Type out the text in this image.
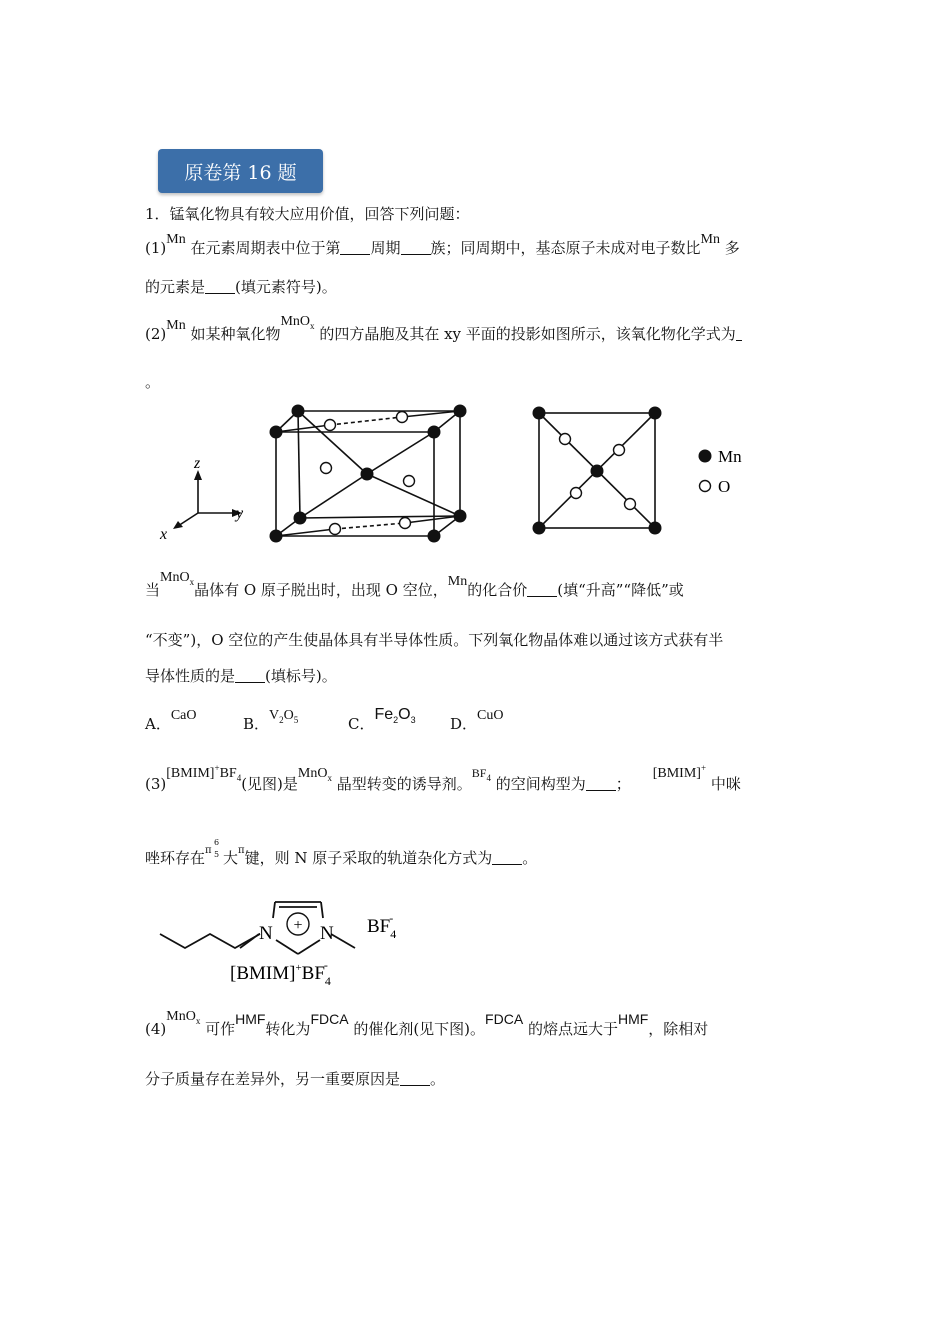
原卷第 16 题
1．锰氧化物具有较大应用价值，回答下列问题：
(1)Mn 在元素周期表中位于第 周期 族；同周期中，基态原子未成对电子数比Mn 多
的元素是 (填元素符号)。
(2)Mn 如某种氧化物MnO$_x$ 的四方晶胞及其在 xy 平面的投影如图所示，该氧化物化学式为
。
z
y
x
Mn
O
当MnO$_x$晶体有 O 原子脱出时，出现 O 空位，Mn的化合价 (填“升高”“降低”或
“不变”)，O 空位的产生使晶体具有半导体性质。下列氧化物晶体难以通过该方式获有半
导体性质的是 (填标号)。
A．CaO	B．$V_2O_5$	C．$Fe_2O_3$ D．CuO
$(3)[BMIM]^+BF_4$(见图)是MnO$_x$ 晶型转变的诱导剂。$^{BF_4}$ 的空间构型为 ；[BMIM]+ 中咪
唑环存在π
6
5 大$^\pi$键，则 N 原子采取的轨道杂化方式为 。
+
N N $BF_4-$
$[BMIM]^+BF_4-$
(4)MnO$_x$ 可作HMF转化为FDCA 的催化剂(见下图)。FDCA 的熔点远大于HMF，除相对
分子质量存在差异外，另一重要原因是 。
